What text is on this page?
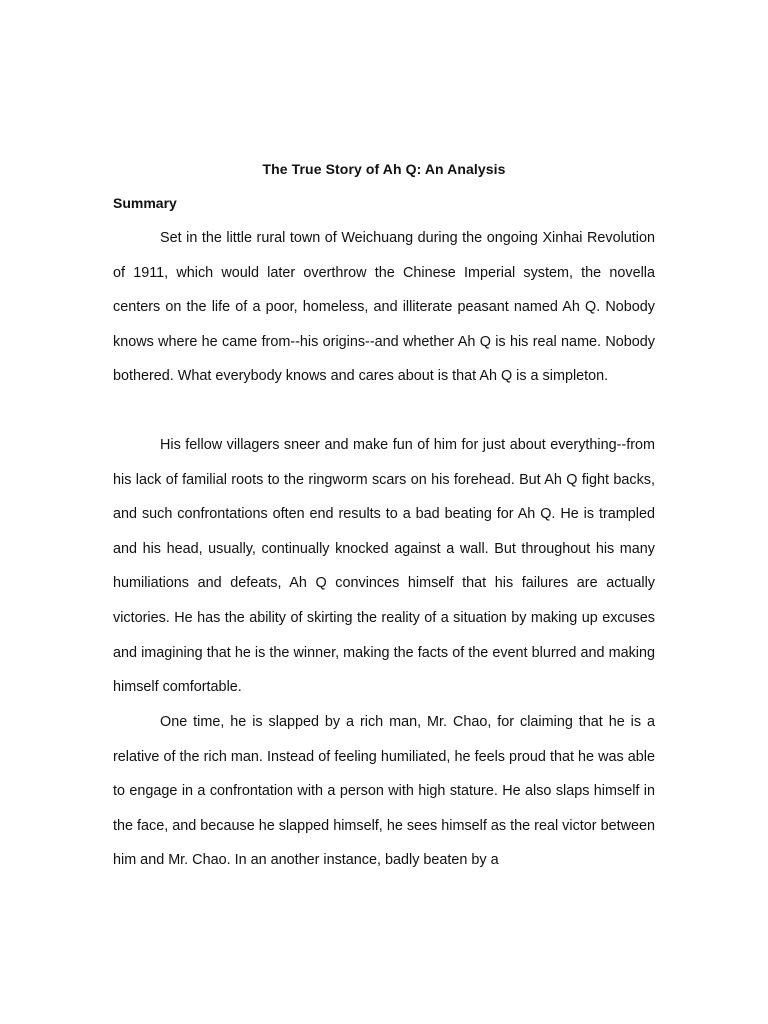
The True Story of Ah Q: An Analysis
Summary

Set in the little rural town of Weichuang during the ongoing Xinhai Revolution of 1911, which would later overthrow the Chinese Imperial system, the novella centers on the life of a poor, homeless, and illiterate peasant named Ah Q. Nobody knows where he came from--his origins--and whether Ah Q is his real name. Nobody bothered. What everybody knows and cares about is that Ah Q is a simpleton.

His fellow villagers sneer and make fun of him for just about everything--from his lack of familial roots to the ringworm scars on his forehead. But Ah Q fight backs, and such confrontations often end results to a bad beating for Ah Q. He is trampled and his head, usually, continually knocked against a wall. But throughout his many humiliations and defeats, Ah Q convinces himself that his failures are actually victories. He has the ability of skirting the reality of a situation by making up excuses and imagining that he is the winner, making the facts of the event blurred and making himself comfortable.

One time, he is slapped by a rich man, Mr. Chao, for claiming that he is a relative of the rich man. Instead of feeling humiliated, he feels proud that he was able to engage in a confrontation with a person with high stature. He also slaps himself in the face, and because he slapped himself, he sees himself as the real victor between him and Mr. Chao. In an another instance, badly beaten by a
